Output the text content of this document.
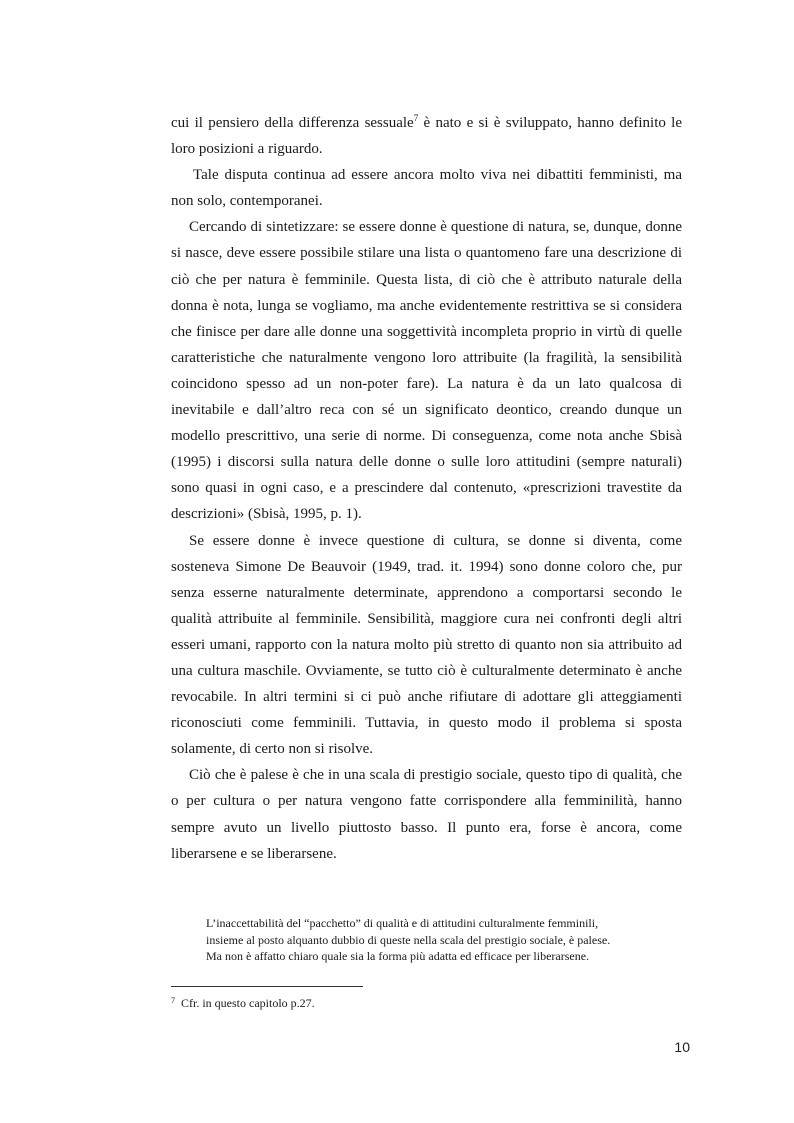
cui il pensiero della differenza sessuale$^7$ è nato e si è sviluppato, hanno definito le loro posizioni a riguardo.

Tale disputa continua ad essere ancora molto viva nei dibattiti femministi, ma non solo, contemporanei.

Cercando di sintetizzare: se essere donne è questione di natura, se, dunque, donne si nasce, deve essere possibile stilare una lista o quantomeno fare una descrizione di ciò che per natura è femminile. Questa lista, di ciò che è attributo naturale della donna è nota, lunga se vogliamo, ma anche evidentemente restrittiva se si considera che finisce per dare alle donne una soggettività incompleta proprio in virtù di quelle caratteristiche che naturalmente vengono loro attribuite (la fragilità, la sensibilità coincidono spesso ad un non-poter fare). La natura è da un lato qualcosa di inevitabile e dall’altro reca con sé un significato deontico, creando dunque un modello prescrittivo, una serie di norme. Di conseguenza, come nota anche Sbisà (1995) i discorsi sulla natura delle donne o sulle loro attitudini (sempre naturali) sono quasi in ogni caso, e a prescindere dal contenuto, «prescrizioni travestite da descrizioni» (Sbisà, 1995, p. 1).

Se essere donne è invece questione di cultura, se donne si diventa, come sosteneva Simone De Beauvoir (1949, trad. it. 1994) sono donne coloro che, pur senza esserne naturalmente determinate, apprendono a comportarsi secondo le qualità attribuite al femminile. Sensibilità, maggiore cura nei confronti degli altri esseri umani, rapporto con la natura molto più stretto di quanto non sia attribuito ad una cultura maschile. Ovviamente, se tutto ciò è culturalmente determinato è anche revocabile. In altri termini si ci può anche rifiutare di adottare gli atteggiamenti riconosciuti come femminili. Tuttavia, in questo modo il problema si sposta solamente, di certo non si risolve.

Ciò che è palese è che in una scala di prestigio sociale, questo tipo di qualità, che o per cultura o per natura vengono fatte corrispondere alla femminilità, hanno sempre avuto un livello piuttosto basso. Il punto era, forse è ancora, come liberarsene e se liberarsene.

L’inaccettabilità del “pacchetto” di qualità e di attitudini culturalmente femminili,

insieme al posto alquanto dubbio di queste nella scala del prestigio sociale, è palese.

Ma non è affatto chiaro quale sia la forma più adatta ed efficace per liberarsene.

$^7$ Cfr. in questo capitolo p.27.
10
